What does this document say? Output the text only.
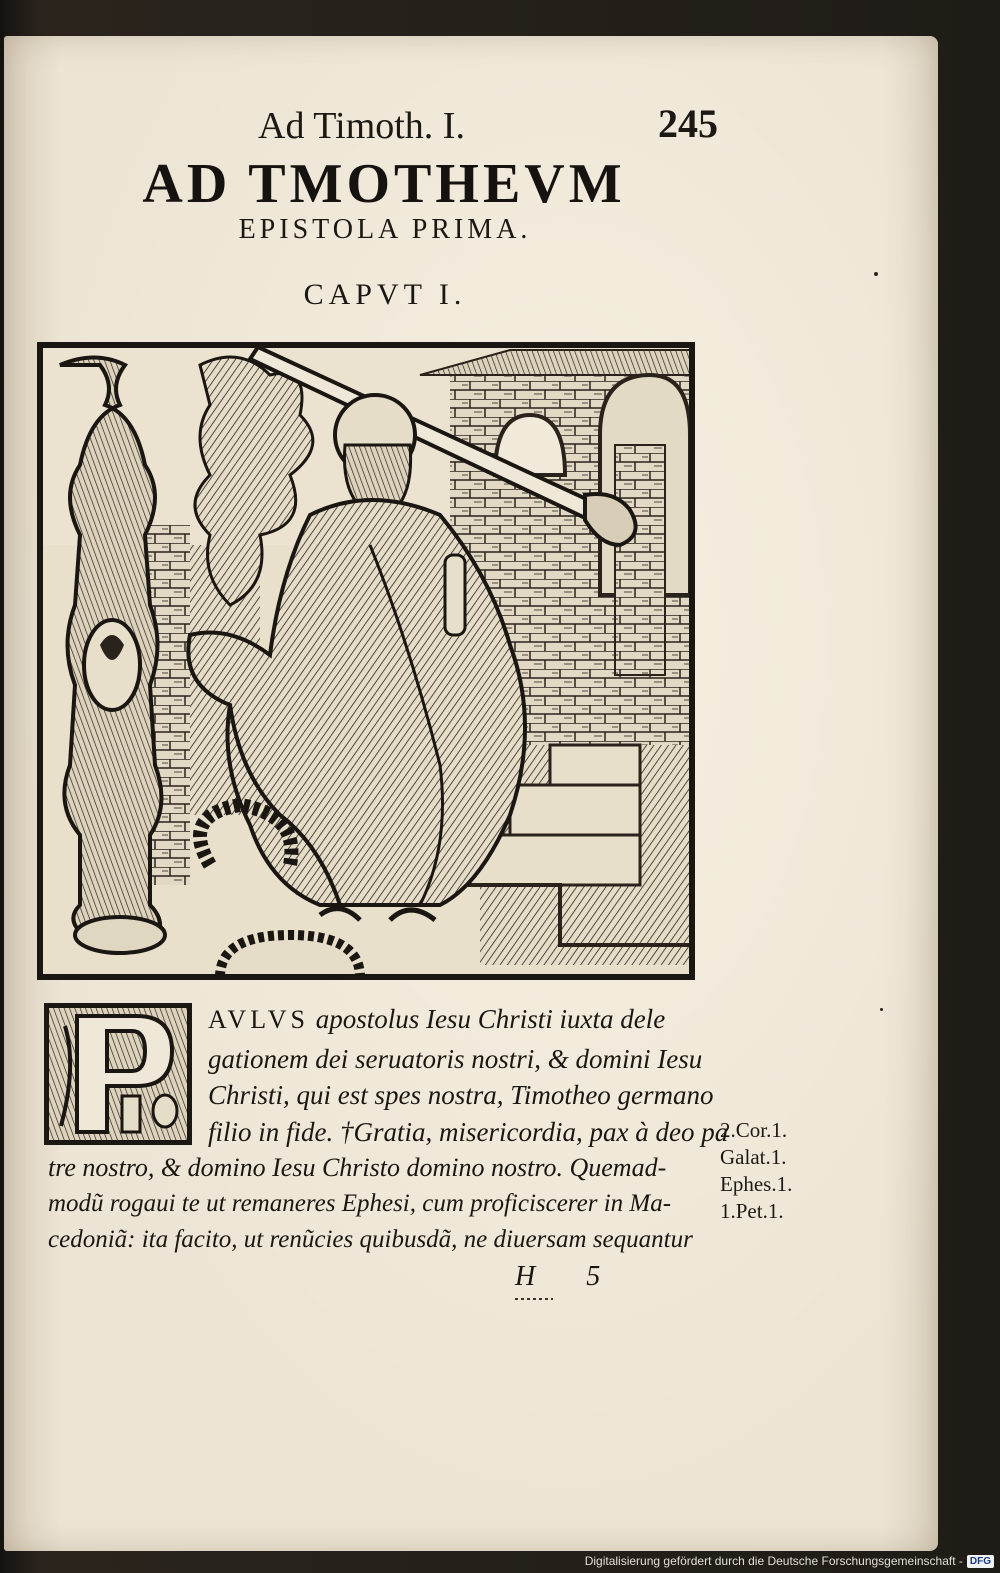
Ad Timoth. I.	245
AD TMOTHEVM
EPISTOLA PRIMA.
CAPVT I.
AVLVS apostolus Iesu Christi iuxta dele
gationem dei seruatoris nostri, & domini Iesu
Christi, qui est spes nostra, Timotheo germano
filio in fide. †Gratia, misericordia, pax à deo pa
tre nostro, & domino Iesu Christo domino nostro. Quemad-
modũ rogaui te ut remaneres Ephesi, cum proficiscerer in Ma-
cedoniã: ita facito, ut renũcies quibusdã, ne diuersam sequantur
2.Cor.1.
Galat.1.
Ephes.1.
1.Pet.1.
H 5
Digitalisierung gefördert durch die Deutsche Forschungsgemeinschaft - DFG
